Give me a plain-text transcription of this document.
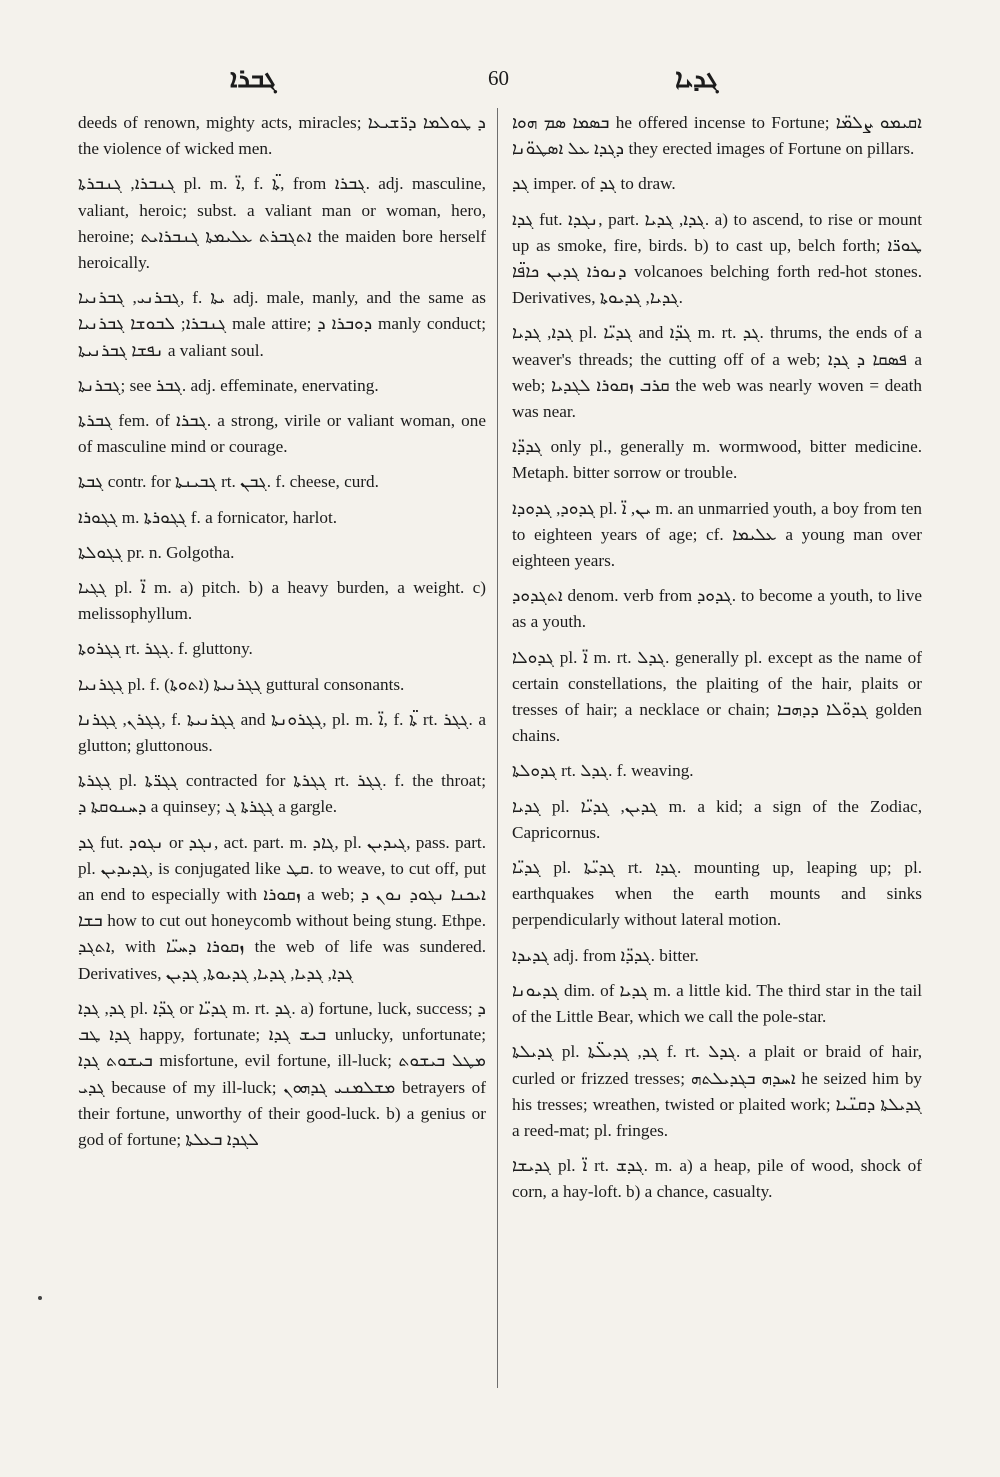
ܓܒܪܐ	60	ܓܕܝܐ

deeds of renown, mighty acts, miracles; ܕ ܛܘܠܡܐ ܕܪ̈ܫܝܥܐ the violence of wicked men.

ܓܢܒܪܐ, ܓܢܒܪܬܐ pl. m. ܐ̈, f. ܬܐ̈, from ܓܒܪܐ. adj. masculine, valiant, heroic; subst. a valiant man or woman, hero, heroine; ܐܬܓܒܪܬ ܥܠܝܡܬܐ ܓܢܒܪܐܝܬ the maiden bore herself heroically.

ܓܒܪܢܝ, ܓܒܪܢܝܐ, f. ܝܬܐ adj. male, manly, and the same as ܓܢܒܪܐ; ܠܒܘܫܐ ܓܒܪܢܝܐ male attire; ܕܘܒܪܐ ܕ manly conduct; ܢܦܫܐ ܓܒܪܢܝܬܐ a valiant soul.

ܓܒܪܢܬܐ; see ܓܒܪ. adj. effeminate, enervating.

ܓܒܪܬܐ fem. of ܓܒܪܐ. a strong, virile or valiant woman, one of masculine mind or courage.

ܓܒܬܐ contr. for ܓܒܝܢܬܐ rt. ܓܒܢ. f. cheese, curd.

ܓܓܘܪܐ m. ܓܓܘܪܬܐ f. a fornicator, harlot.

ܓܓܘܠܬܐ pr. n. Golgotha.

ܓܓܝܐ pl. ܐ̈ m. a) pitch. b) a heavy burden, a weight. c) melissophyllum.

ܓܓܪܘܬܐ rt. ܓܓܪ. f. gluttony.

ܓܓܪܢܝܐ pl. f. ܓܓܪܢܝܬܐ (ܐܬܘܬܐ) guttural consonants.

ܓܓܪܢ, ܓܓܪܢܐ, f. ܓܓܪܢܝܬܐ and ܓܓܪܘܢܬܐ, pl. m. ܐ̈, f. ܬܐ̈ rt. ܓܓܪ. a glutton; gluttonous.

ܓܓܪܬܐ pl. ܓܓܪ̈ܬܐ contracted for ܓܓܪܬܐ rt. ܓܓܪ. f. the throat; ܕܚܢܘܩܬܐ ܕ a quinsey; ܓܓܪܬܐ ܓ a gargle.

ܓܕ fut. ܢܓܘܕ or ܢܓܕ, act. part. m. ܓܐܕ, pl. ܓܝܕܝܢ, pass. part. pl. ܓܕܝܕܝܢ, is conjugated like ܩܛ. to weave, to cut off, put an end to especially with ܙܩܘܪܐ a web; ܐܝܟܢܐ ܢܓܘܕ ܢܘܢ ܕ ܒܫܐ how to cut out honeycomb without being stung. Ethpe. ܐܬܓܕ, with ܙܩܘܪܐ ܕܚܝ̈ܐ the web of life was sundered. Derivatives, ܓܕܐ, ܓܕܝܐ, ܓܕܝܐ, ܓܕܝܘܬܐ, ܓܕܝܢ

ܓܕ, ܓܕܐ pl. ܓܕ̈ܐ or ܓܕܝ̈ܐ m. rt. ܓܕ. a) fortune, luck, success; ܕ ܓܕܐ ܛܒ happy, fortunate; ܒܝܫ ܓܕܐ unlucky, unfortunate; ܒܝܫܘܬ ܓܕܐ misfortune, evil fortune, ill-luck; ܡܛܠ ܒܝܫܘܬ ܓܕܝ because of my ill-luck; ܡܫܠܡܢܝ ܓܕܗܘܢ betrayers of their fortune, unworthy of their good-luck. b) a genius or god of fortune; ܠܓܕܐ ܒܥܠܬܐ

ܒܣܡܐ ܣܡ ܗܘܐ he offered incense to Fortune; ܐܩܝܡܘ ܨܠܡ̈ܐ ܕܓܕܐ ܥܠ ܐܣܛܘ̈ܢܐ they erected images of Fortune on pillars.

ܓܕ imper. of ܓܕ to draw.

ܓܕܐ fut. ܢܓܕܐ, part. ܓܕܐ, ܓܕܝܐ. a) to ascend, to rise or mount up as smoke, fire, birds. b) to cast up, belch forth; ܛܘܪ̈ܐ ܕܢܘܪܐ ܓܕܝܢ ܟܐܦ̈ܐ volcanoes belching forth red-hot stones. Derivatives, ܓܕܝܐ, ܓܕܝܘܬܐ.

ܓܕܐ, ܓܕܝܐ pl. ܓܕܝ̈ܐ and ܓܕ̈ܐ m. rt. ܓܕ. thrums, the ends of a weaver's threads; the cutting off of a web; ܦܣܩܐ ܕ ܓܕܐ a web; ܩܪܒ ܙܩܘܪܐ ܠܓܕܝܐ the web was nearly woven = death was near.

ܓܕܕ̈ܐ only pl., generally m. wormwood, bitter medicine. Metaph. bitter sorrow or trouble.

ܓܕܘܕ, ܓܕܘܕܐ pl. ܝܢ, ܐ̈ m. an unmarried youth, a boy from ten to eighteen years of age; cf. ܥܠܝܡܐ a young man over eighteen years.

ܐܬܓܕܘܕ denom. verb from ܓܕܘܕ. to become a youth, to live as a youth.

ܓܕܘܠܐ pl. ܐ̈ m. rt. ܓܕܠ. generally pl. except as the name of certain constellations, the plaiting of the hair, plaits or tresses of hair; a necklace or chain; ܓܕܘ̈ܠܐ ܕܕܗܒܐ golden chains.

ܓܕܘܠܬܐ rt. ܓܕܠ. f. weaving.

ܓܕܝܐ pl. ܓܕܝܢ, ܓܕܝ̈ܐ m. a kid; a sign of the Zodiac, Capricornus.

ܓܕܝ̈ܐ pl. ܓܕܝ̈ܬܐ rt. ܓܕܐ. mounting up, leaping up; pl. earthquakes when the earth mounts and sinks perpendicularly without lateral motion.

ܓܕܝܕܐ adj. from ܓܕܕ̈ܐ. bitter.

ܓܕܝܘܢܐ dim. of ܓܕܝܐ m. a little kid. The third star in the tail of the Little Bear, which we call the pole-star.

ܓܕܝܠܬܐ pl. ܓܕ, ܓܕܝܠ̈ܬܐ f. rt. ܓܕܠ. a plait or braid of hair, curled or frizzed tresses; ܐܚܕܗ ܒܓܕܝܠܬܗ he seized him by his tresses; wreathen, twisted or plaited work; ܓܕܝܠܬܐ ܕܩܢ̈ܝܐ a reed-mat; pl. fringes.

ܓܕܝܫܐ pl. ܐ̈ rt. ܓܕܫ. m. a) a heap, pile of wood, shock of corn, a hay-loft. b) a chance, casualty.
